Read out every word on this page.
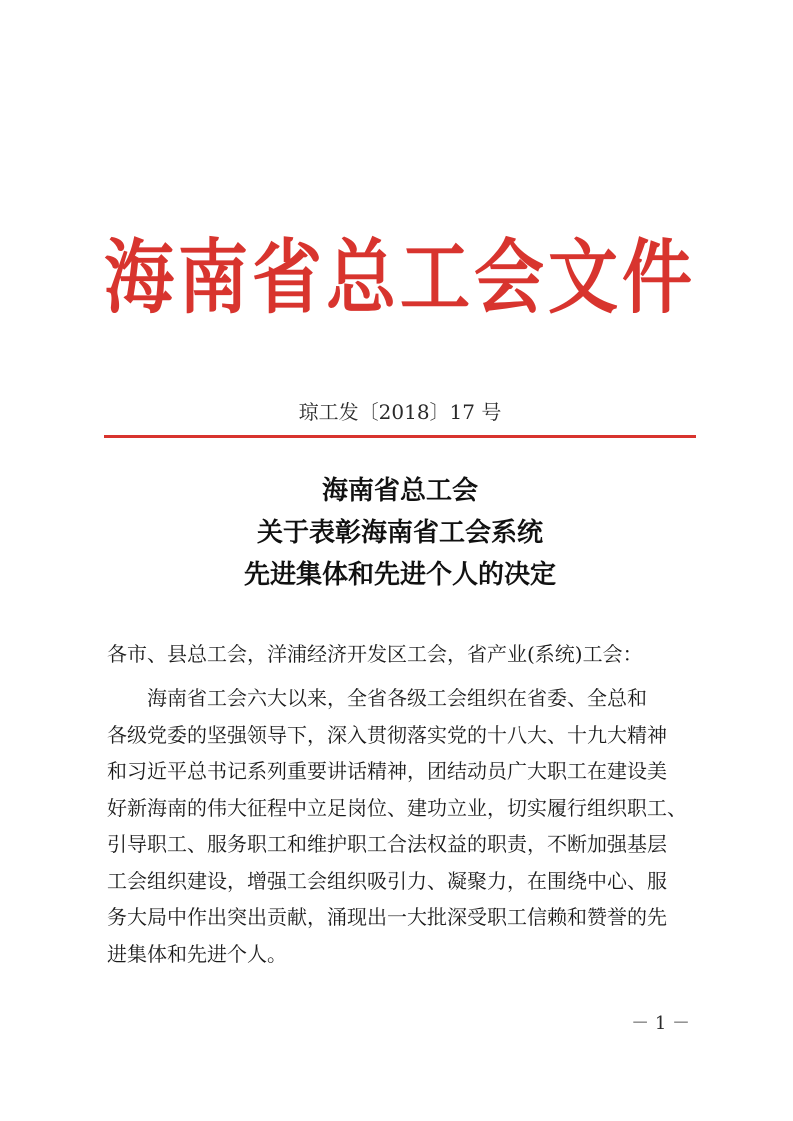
海南省总工会文件
琼工发〔2018〕17 号
海南省总工会
关于表彰海南省工会系统
先进集体和先进个人的决定
各市、县总工会，洋浦经济开发区工会，省产业(系统)工会：
海南省工会六大以来，全省各级工会组织在省委、全总和
各级党委的坚强领导下，深入贯彻落实党的十八大、十九大精神
和习近平总书记系列重要讲话精神，团结动员广大职工在建设美
好新海南的伟大征程中立足岗位、建功立业，切实履行组织职工、
引导职工、服务职工和维护职工合法权益的职责，不断加强基层
工会组织建设，增强工会组织吸引力、凝聚力，在围绕中心、服
务大局中作出突出贡献，涌现出一大批深受职工信赖和赞誉的先
进集体和先进个人。
－ 1 －
